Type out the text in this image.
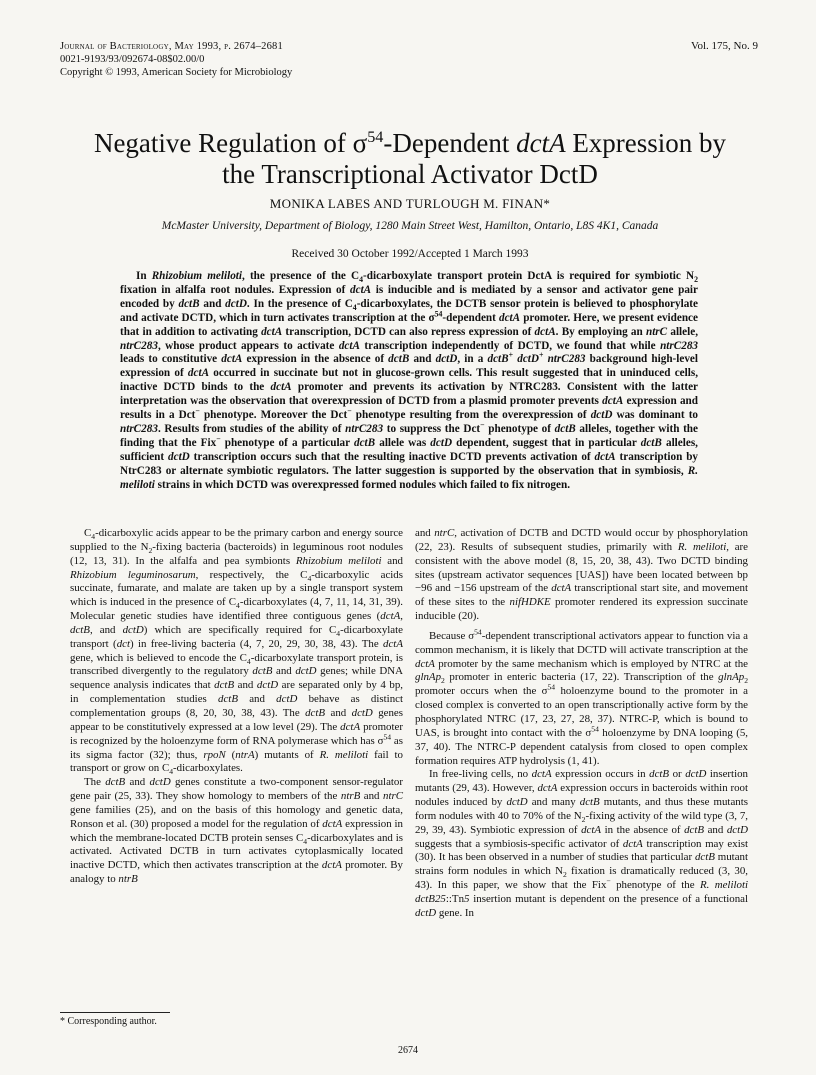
Journal of Bacteriology, May 1993, p. 2674–2681
0021-9193/93/092674-08$02.00/0
Copyright © 1993, American Society for Microbiology
Vol. 175, No. 9
Negative Regulation of $\sigma^{54}$-Dependent dctA Expression by
the Transcriptional Activator DctD
MONIKA LABES AND TURLOUGH M. FINAN*
McMaster University, Department of Biology, 1280 Main Street West, Hamilton, Ontario, L8S 4K1, Canada
Received 30 October 1992/Accepted 1 March 1993

In Rhizobium meliloti, the presence of the $C_4$-dicarboxylate transport protein DctA is required for symbiotic $N_2$ fixation in alfalfa root nodules. Expression of dctA is inducible and is mediated by a sensor and activator gene pair encoded by dctB and dctD. In the presence of $C_4$-dicarboxylates, the DCTB sensor protein is believed to phosphorylate and activate DCTD, which in turn activates transcription at the $\sigma^{54}$-dependent dctA promoter. Here, we present evidence that in addition to activating dctA transcription, DCTD can also repress expression of dctA. By employing an ntrC allele, ntrC283, whose product appears to activate dctA transcription independently of DCTD, we found that while ntrC283 leads to constitutive dctA expression in the absence of dctB and dctD, in a dctB+ dctD+ ntrC283 background high-level expression of dctA occurred in succinate but not in glucose-grown cells. This result suggested that in uninduced cells, inactive DCTD binds to the dctA promoter and prevents its activation by NTRC283. Consistent with the latter interpretation was the observation that overexpression of DCTD from a plasmid promoter prevents dctA expression and results in a Dct− phenotype. Moreover the Dct− phenotype resulting from the overexpression of dctD was dominant to ntrC283. Results from studies of the ability of ntrC283 to suppress the Dct− phenotype of dctB alleles, together with the finding that the Fix− phenotype of a particular dctB allele was dctD dependent, suggest that in particular dctB alleles, sufficient dctD transcription occurs such that the resulting inactive DCTD prevents activation of dctA transcription by NtrC283 or alternate symbiotic regulators. The latter suggestion is supported by the observation that in symbiosis, R. meliloti strains in which DCTD was overexpressed formed nodules which failed to fix nitrogen.

$C_4$-dicarboxylic acids appear to be the primary carbon and energy source supplied to the $N_2$-fixing bacteria (bacteroids) in leguminous root nodules (12, 13, 31). In the alfalfa and pea symbionts Rhizobium meliloti and Rhizobium leguminosarum, respectively, the $C_4$-dicarboxylic acids succinate, fumarate, and malate are taken up by a single transport system which is induced in the presence of $C_4$-dicarboxylates (4, 7, 11, 14, 31, 39). Molecular genetic studies have identified three contiguous genes (dctA, dctB, and dctD) which are specifically required for $C_4$-dicarboxylate transport (dct) in free-living bacteria (4, 7, 20, 29, 30, 38, 43). The dctA gene, which is believed to encode the $C_4$-dicarboxylate transport protein, is transcribed divergently to the regulatory dctB and dctD genes; while DNA sequence analysis indicates that dctB and dctD are separated only by 4 bp, in complementation studies dctB and dctD behave as distinct complementation groups (8, 20, 30, 38, 43). The dctB and dctD genes appear to be constitutively expressed at a low level (29). The dctA promoter is recognized by the holoenzyme form of RNA polymerase which has $\sigma^{54}$ as its sigma factor (32); thus, rpoN (ntrA) mutants of R. meliloti fail to transport or grow on $C_4$-dicarboxylates.

The dctB and dctD genes constitute a two-component sensor-regulator gene pair (25, 33). They show homology to members of the ntrB and ntrC gene families (25), and on the basis of this homology and genetic data, Ronson et al. (30) proposed a model for the regulation of dctA expression in which the membrane-located DCTB protein senses $C_4$-dicarboxylates and is activated. Activated DCTB in turn activates cytoplasmically located inactive DCTD, which then activates transcription at the dctA promoter. By analogy to ntrB

and ntrC, activation of DCTB and DCTD would occur by phosphorylation (22, 23). Results of subsequent studies, primarily with R. meliloti, are consistent with the above model (8, 15, 20, 38, 43). Two DCTD binding sites (upstream activator sequences [UAS]) have been located between bp −96 and −156 upstream of the dctA transcriptional start site, and movement of these sites to the nifHDKE promoter rendered its expression succinate inducible (20).

Because $\sigma^{54}$-dependent transcriptional activators appear to function via a common mechanism, it is likely that DCTD will activate transcription at the dctA promoter by the same mechanism which is employed by NTRC at the glnAp$_2$ promoter in enteric bacteria (17, 22). Transcription of the glnAp$_2$ promoter occurs when the $\sigma^{54}$ holoenzyme bound to the promoter in a closed complex is converted to an open transcriptionally active form by the phosphorylated NTRC (17, 23, 27, 28, 37). NTRC-P, which is bound to UAS, is brought into contact with the $\sigma^{54}$ holoenzyme by DNA looping (5, 37, 40). The NTRC-P dependent catalysis from closed to open complex formation requires ATP hydrolysis (1, 41).

In free-living cells, no dctA expression occurs in dctB or dctD insertion mutants (29, 43). However, dctA expression occurs in bacteroids within root nodules induced by dctD and many dctB mutants, and thus these mutants form nodules with 40 to 70% of the $N_2$-fixing activity of the wild type (3, 7, 29, 39, 43). Symbiotic expression of dctA in the absence of dctB and dctD suggests that a symbiosis-specific activator of dctA transcription may exist (30). It has been observed in a number of studies that particular dctB mutant strains form nodules in which $N_2$ fixation is dramatically reduced (3, 30, 43). In this paper, we show that the Fix− phenotype of the R. meliloti dctB25::Tn5 insertion mutant is dependent on the presence of a functional dctD gene. In

* Corresponding author.
2674
